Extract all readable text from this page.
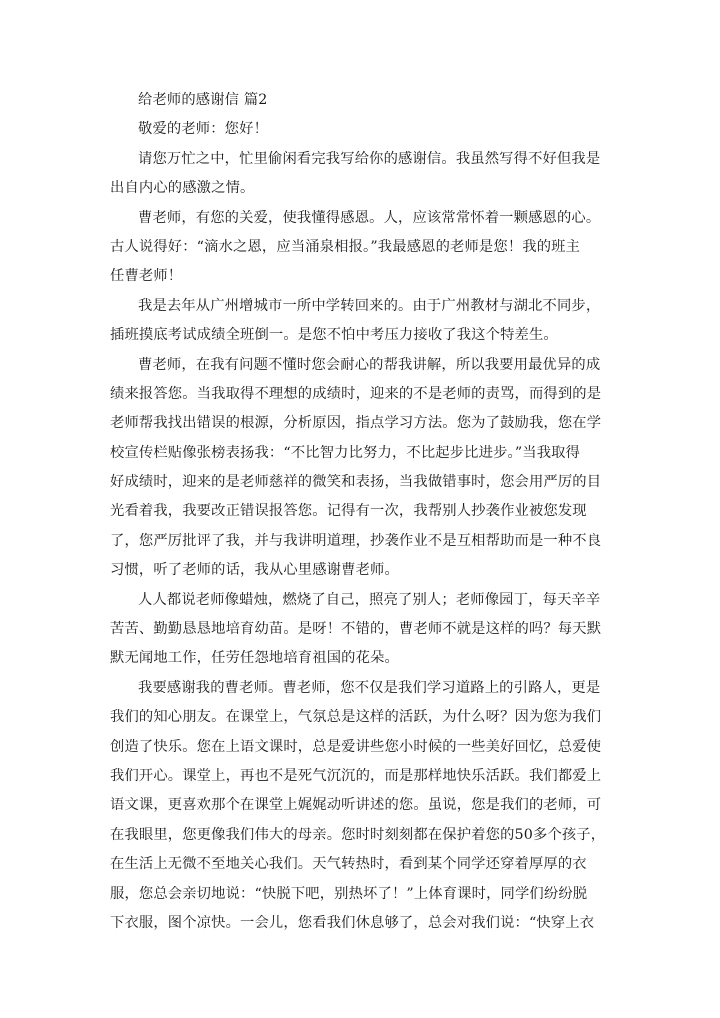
给老师的感谢信 篇2
敬爱的老师：您好！
请您万忙之中，忙里偷闲看完我写给你的感谢信。我虽然写得不好但我是
出自内心的感激之情。
曹老师，有您的关爱，使我懂得感恩。人，应该常常怀着一颗感恩的心。
古人说得好：“滴水之恩，应当涌泉相报。”我最感恩的老师是您！我的班主
任曹老师！
我是去年从广州增城市一所中学转回来的。由于广州教材与湖北不同步，
插班摸底考试成绩全班倒一。是您不怕中考压力接收了我这个特差生。
曹老师，在我有问题不懂时您会耐心的帮我讲解，所以我要用最优异的成
绩来报答您。当我取得不理想的成绩时，迎来的不是老师的责骂，而得到的是
老师帮我找出错误的根源，分析原因，指点学习方法。您为了鼓励我，您在学
校宣传栏贴像张榜表扬我：“不比智力比努力，不比起步比进步。”当我取得
好成绩时，迎来的是老师慈祥的微笑和表扬，当我做错事时，您会用严厉的目
光看着我，我要改正错误报答您。记得有一次，我帮别人抄袭作业被您发现
了，您严厉批评了我，并与我讲明道理，抄袭作业不是互相帮助而是一种不良
习惯，听了老师的话，我从心里感谢曹老师。
人人都说老师像蜡烛，燃烧了自己，照亮了别人；老师像园丁，每天辛辛
苦苦、勤勤恳恳地培育幼苗。是呀！不错的，曹老师不就是这样的吗？每天默
默无闻地工作，任劳任怨地培育祖国的花朵。
我要感谢我的曹老师。曹老师，您不仅是我们学习道路上的引路人，更是
我们的知心朋友。在课堂上，气氛总是这样的活跃，为什么呀？因为您为我们
创造了快乐。您在上语文课时，总是爱讲些您小时候的一些美好回忆，总爱使
我们开心。课堂上，再也不是死气沉沉的，而是那样地快乐活跃。我们都爱上
语文课，更喜欢那个在课堂上娓娓动听讲述的您。虽说，您是我们的老师，可
在我眼里，您更像我们伟大的母亲。您时时刻刻都在保护着您的50多个孩子，
在生活上无微不至地关心我们。天气转热时，看到某个同学还穿着厚厚的衣
服，您总会亲切地说：“快脱下吧，别热坏了！”上体育课时，同学们纷纷脱
下衣服，图个凉快。一会儿，您看我们休息够了，总会对我们说：“快穿上衣
